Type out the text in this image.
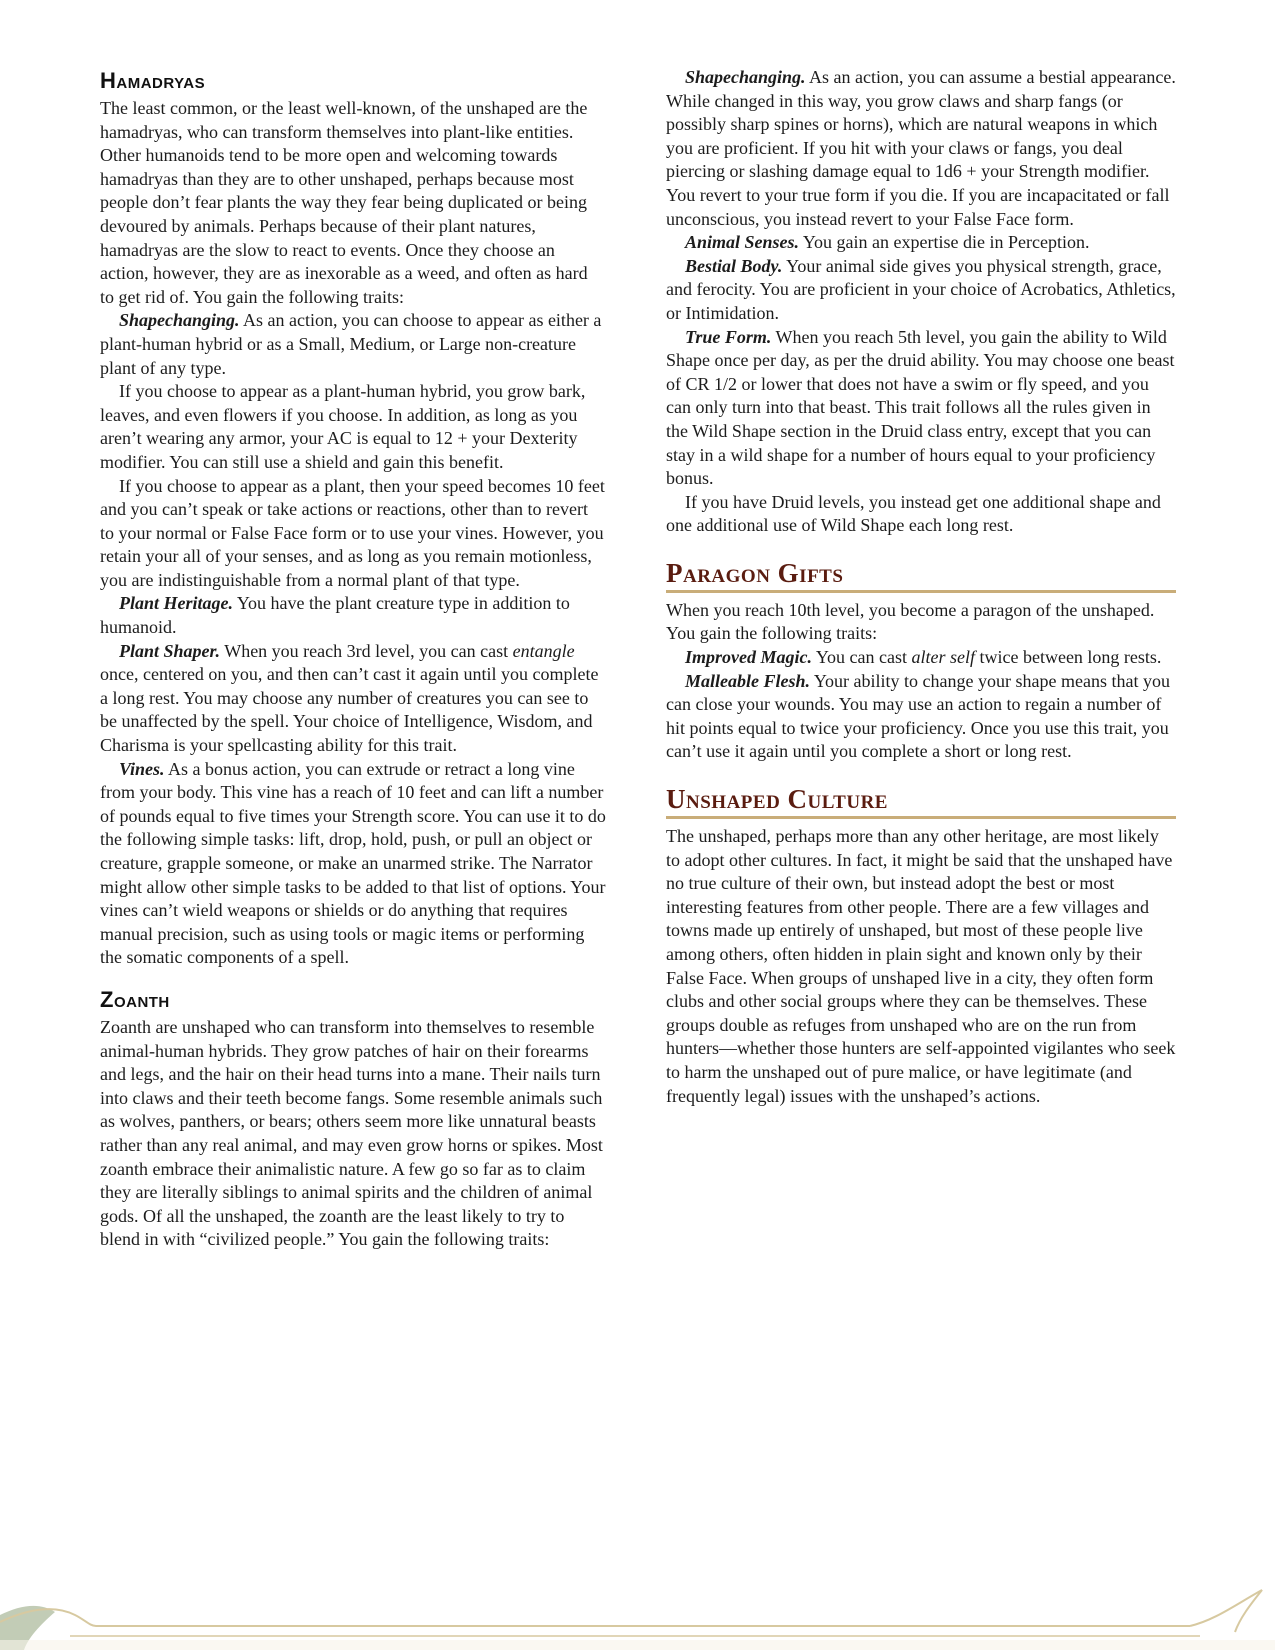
Hamadryas

The least common, or the least well-known, of the unshaped are the hamadryas, who can transform themselves into plant-like entities. Other humanoids tend to be more open and welcoming towards hamadryas than they are to other unshaped, perhaps because most people don’t fear plants the way they fear being duplicated or being devoured by animals. Perhaps because of their plant natures, hamadryas are the slow to react to events. Once they choose an action, however, they are as inexorable as a weed, and often as hard to get rid of. You gain the following traits:

Shapechanging. As an action, you can choose to appear as either a plant-human hybrid or as a Small, Medium, or Large non-creature plant of any type.

If you choose to appear as a plant-human hybrid, you grow bark, leaves, and even flowers if you choose. In addition, as long as you aren’t wearing any armor, your AC is equal to 12 + your Dexterity modifier. You can still use a shield and gain this benefit.

If you choose to appear as a plant, then your speed becomes 10 feet and you can’t speak or take actions or reactions, other than to revert to your normal or False Face form or to use your vines. However, you retain your all of your senses, and as long as you remain motionless, you are indistinguishable from a normal plant of that type.

Plant Heritage. You have the plant creature type in addition to humanoid.

Plant Shaper. When you reach 3rd level, you can cast entangle once, centered on you, and then can’t cast it again until you complete a long rest. You may choose any number of creatures you can see to be unaffected by the spell. Your choice of Intelligence, Wisdom, and Charisma is your spellcasting ability for this trait.

Vines. As a bonus action, you can extrude or retract a long vine from your body. This vine has a reach of 10 feet and can lift a number of pounds equal to five times your Strength score. You can use it to do the following simple tasks: lift, drop, hold, push, or pull an object or creature, grapple someone, or make an unarmed strike. The Narrator might allow other simple tasks to be added to that list of options. Your vines can’t wield weapons or shields or do anything that requires manual precision, such as using tools or magic items or performing the somatic components of a spell.

Zoanth

Zoanth are unshaped who can transform into themselves to resemble animal-human hybrids. They grow patches of hair on their forearms and legs, and the hair on their head turns into a mane. Their nails turn into claws and their teeth become fangs. Some resemble animals such as wolves, panthers, or bears; others seem more like unnatural beasts rather than any real animal, and may even grow horns or spikes. Most zoanth embrace their animalistic nature. A few go so far as to claim they are literally siblings to animal spirits and the children of animal gods. Of all the unshaped, the zoanth are the least likely to try to blend in with “civilized people.” You gain the following traits:

Shapechanging. As an action, you can assume a bestial appearance. While changed in this way, you grow claws and sharp fangs (or possibly sharp spines or horns), which are natural weapons in which you are proficient. If you hit with your claws or fangs, you deal piercing or slashing damage equal to 1d6 + your Strength modifier. You revert to your true form if you die. If you are incapacitated or fall unconscious, you instead revert to your False Face form.

Animal Senses. You gain an expertise die in Perception.

Bestial Body. Your animal side gives you physical strength, grace, and ferocity. You are proficient in your choice of Acrobatics, Athletics, or Intimidation.

True Form. When you reach 5th level, you gain the ability to Wild Shape once per day, as per the druid ability. You may choose one beast of CR 1/2 or lower that does not have a swim or fly speed, and you can only turn into that beast. This trait follows all the rules given in the Wild Shape section in the Druid class entry, except that you can stay in a wild shape for a number of hours equal to your proficiency bonus.

If you have Druid levels, you instead get one additional shape and one additional use of Wild Shape each long rest.

Paragon Gifts

When you reach 10th level, you become a paragon of the unshaped. You gain the following traits:

Improved Magic. You can cast alter self twice between long rests.

Malleable Flesh. Your ability to change your shape means that you can close your wounds. You may use an action to regain a number of hit points equal to twice your proficiency. Once you use this trait, you can’t use it again until you complete a short or long rest.

Unshaped Culture

The unshaped, perhaps more than any other heritage, are most likely to adopt other cultures. In fact, it might be said that the unshaped have no true culture of their own, but instead adopt the best or most interesting features from other people. There are a few villages and towns made up entirely of unshaped, but most of these people live among others, often hidden in plain sight and known only by their False Face. When groups of unshaped live in a city, they often form clubs and other social groups where they can be themselves. These groups double as refuges from unshaped who are on the run from hunters—whether those hunters are self-appointed vigilantes who seek to harm the unshaped out of pure malice, or have legitimate (and frequently legal) issues with the unshaped’s actions.
